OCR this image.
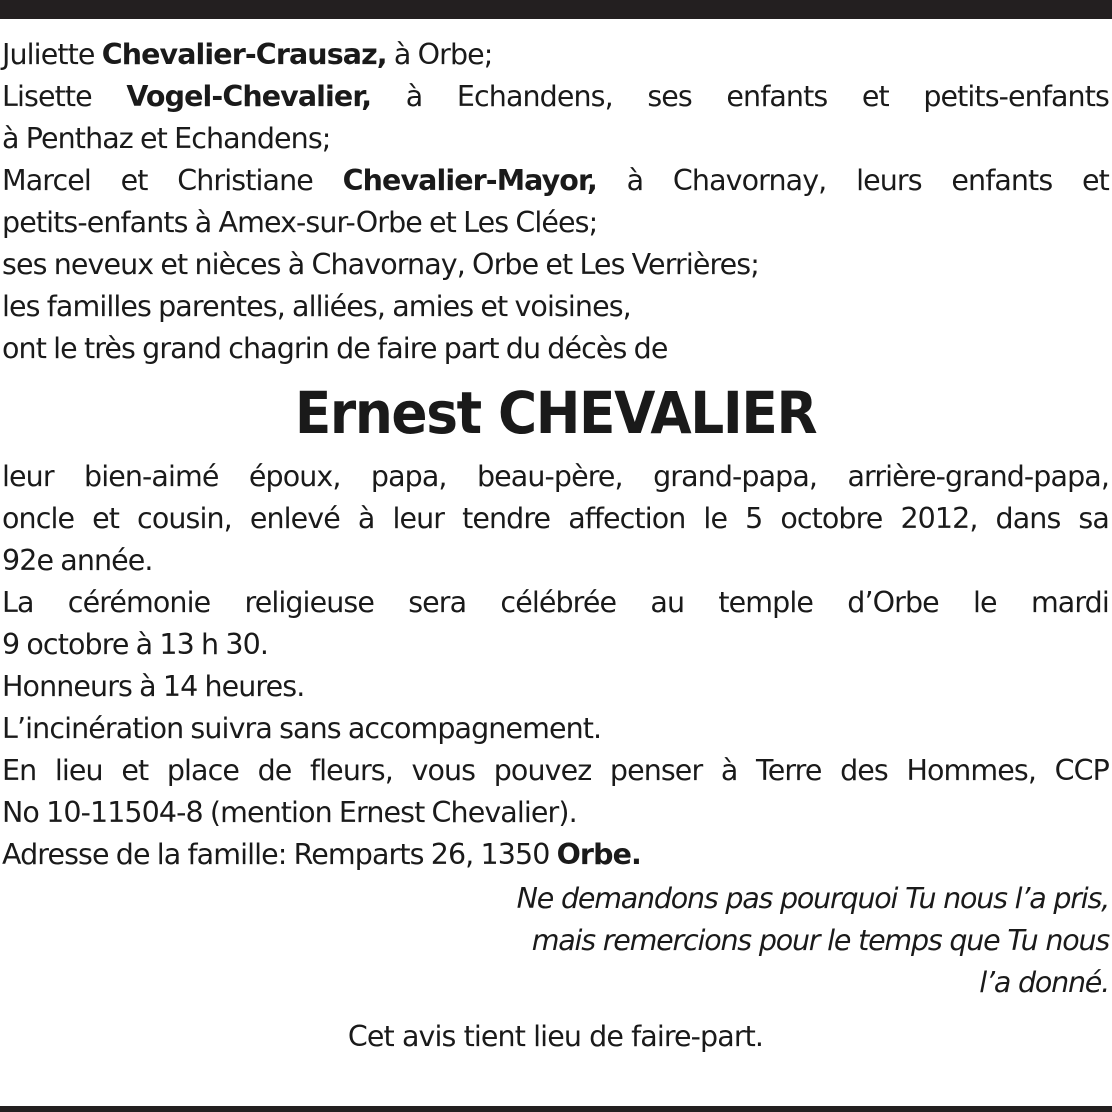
Juliette Chevalier-Crausaz, à Orbe;
Lisette Vogel-Chevalier, à Echandens, ses enfants et petits-enfants
à Penthaz et Echandens;
Marcel et Christiane Chevalier-Mayor, à Chavornay, leurs enfants et
petits-enfants à Amex-sur-Orbe et Les Clées;
ses neveux et nièces à Chavornay, Orbe et Les Verrières;
les familles parentes, alliées, amies et voisines,
ont le très grand chagrin de faire part du décès de
Ernest CHEVALIER
leur bien-aimé époux, papa, beau-père, grand-papa, arrière-grand-papa,
oncle et cousin, enlevé à leur tendre affection le 5 octobre 2012, dans sa
92e année.
La cérémonie religieuse sera célébrée au temple d’Orbe le mardi
9 octobre à 13 h 30.
Honneurs à 14 heures.
L’incinération suivra sans accompagnement.
En lieu et place de fleurs, vous pouvez penser à Terre des Hommes, CCP
No 10-11504-8 (mention Ernest Chevalier).
Adresse de la famille: Remparts 26, 1350 Orbe.
Ne demandons pas pourquoi Tu nous l’a pris,
mais remercions pour le temps que Tu nous
l’a donné.
Cet avis tient lieu de faire-part.
